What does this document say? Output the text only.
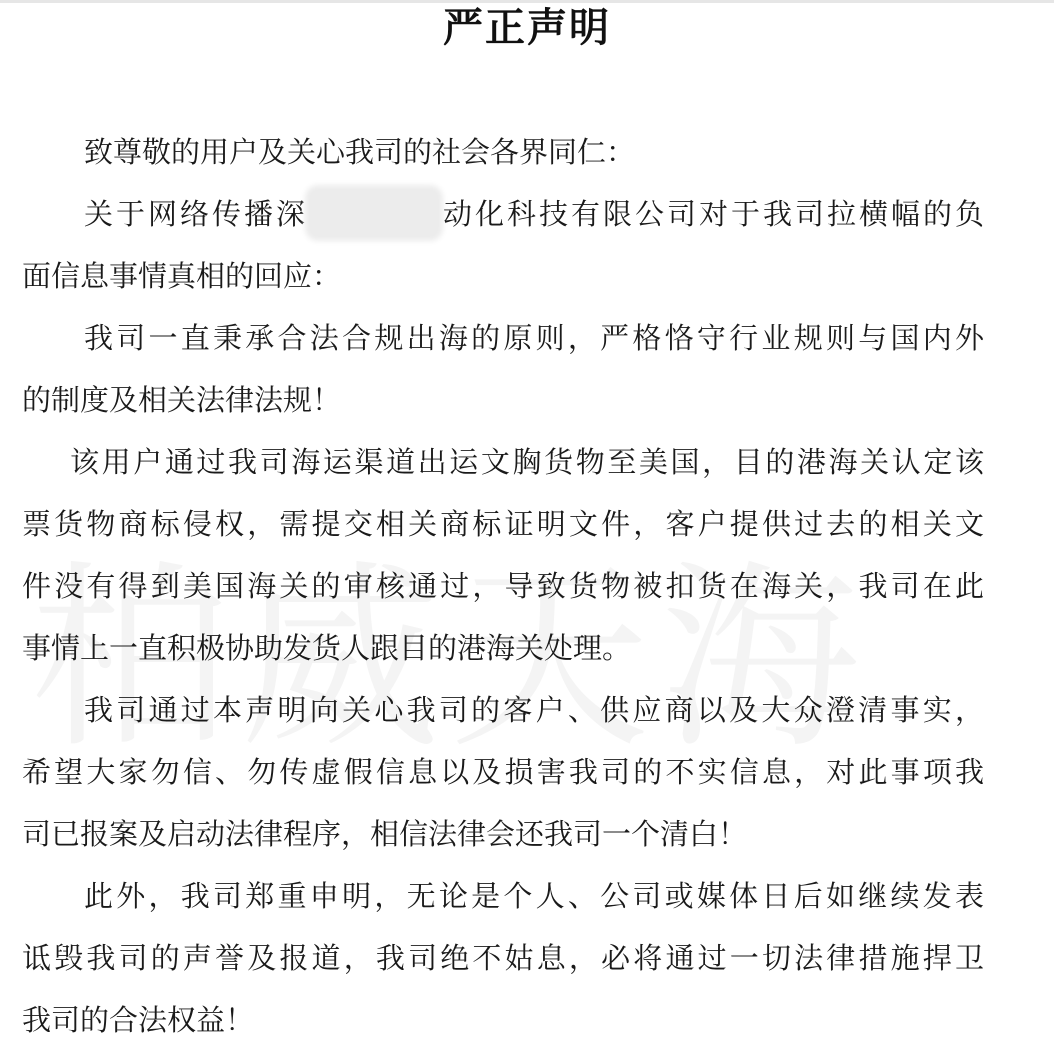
严正声明
致尊敬的用户及关心我司的社会各界同仁：
关于网络传播深	动化科技有限公司对于我司拉横幅的负
面信息事情真相的回应：
我司一直秉承合法合规出海的原则，严格恪守行业规则与国内外
的制度及相关法律法规！
该用户通过我司海运渠道出运文胸货物至美国，目的港海关认定该
票货物商标侵权，需提交相关商标证明文件，客户提供过去的相关文
件没有得到美国海关的审核通过，导致货物被扣货在海关，我司在此
事情上一直积极协助发货人跟目的港海关处理。
我司通过本声明向关心我司的客户、供应商以及大众澄清事实，
希望大家勿信、勿传虚假信息以及损害我司的不实信息，对此事项我
司已报案及启动法律程序，相信法律会还我司一个清白！
此外，我司郑重申明，无论是个人、公司或媒体日后如继续发表
诋毁我司的声誉及报道，我司绝不姑息，必将通过一切法律措施捍卫
我司的合法权益！
